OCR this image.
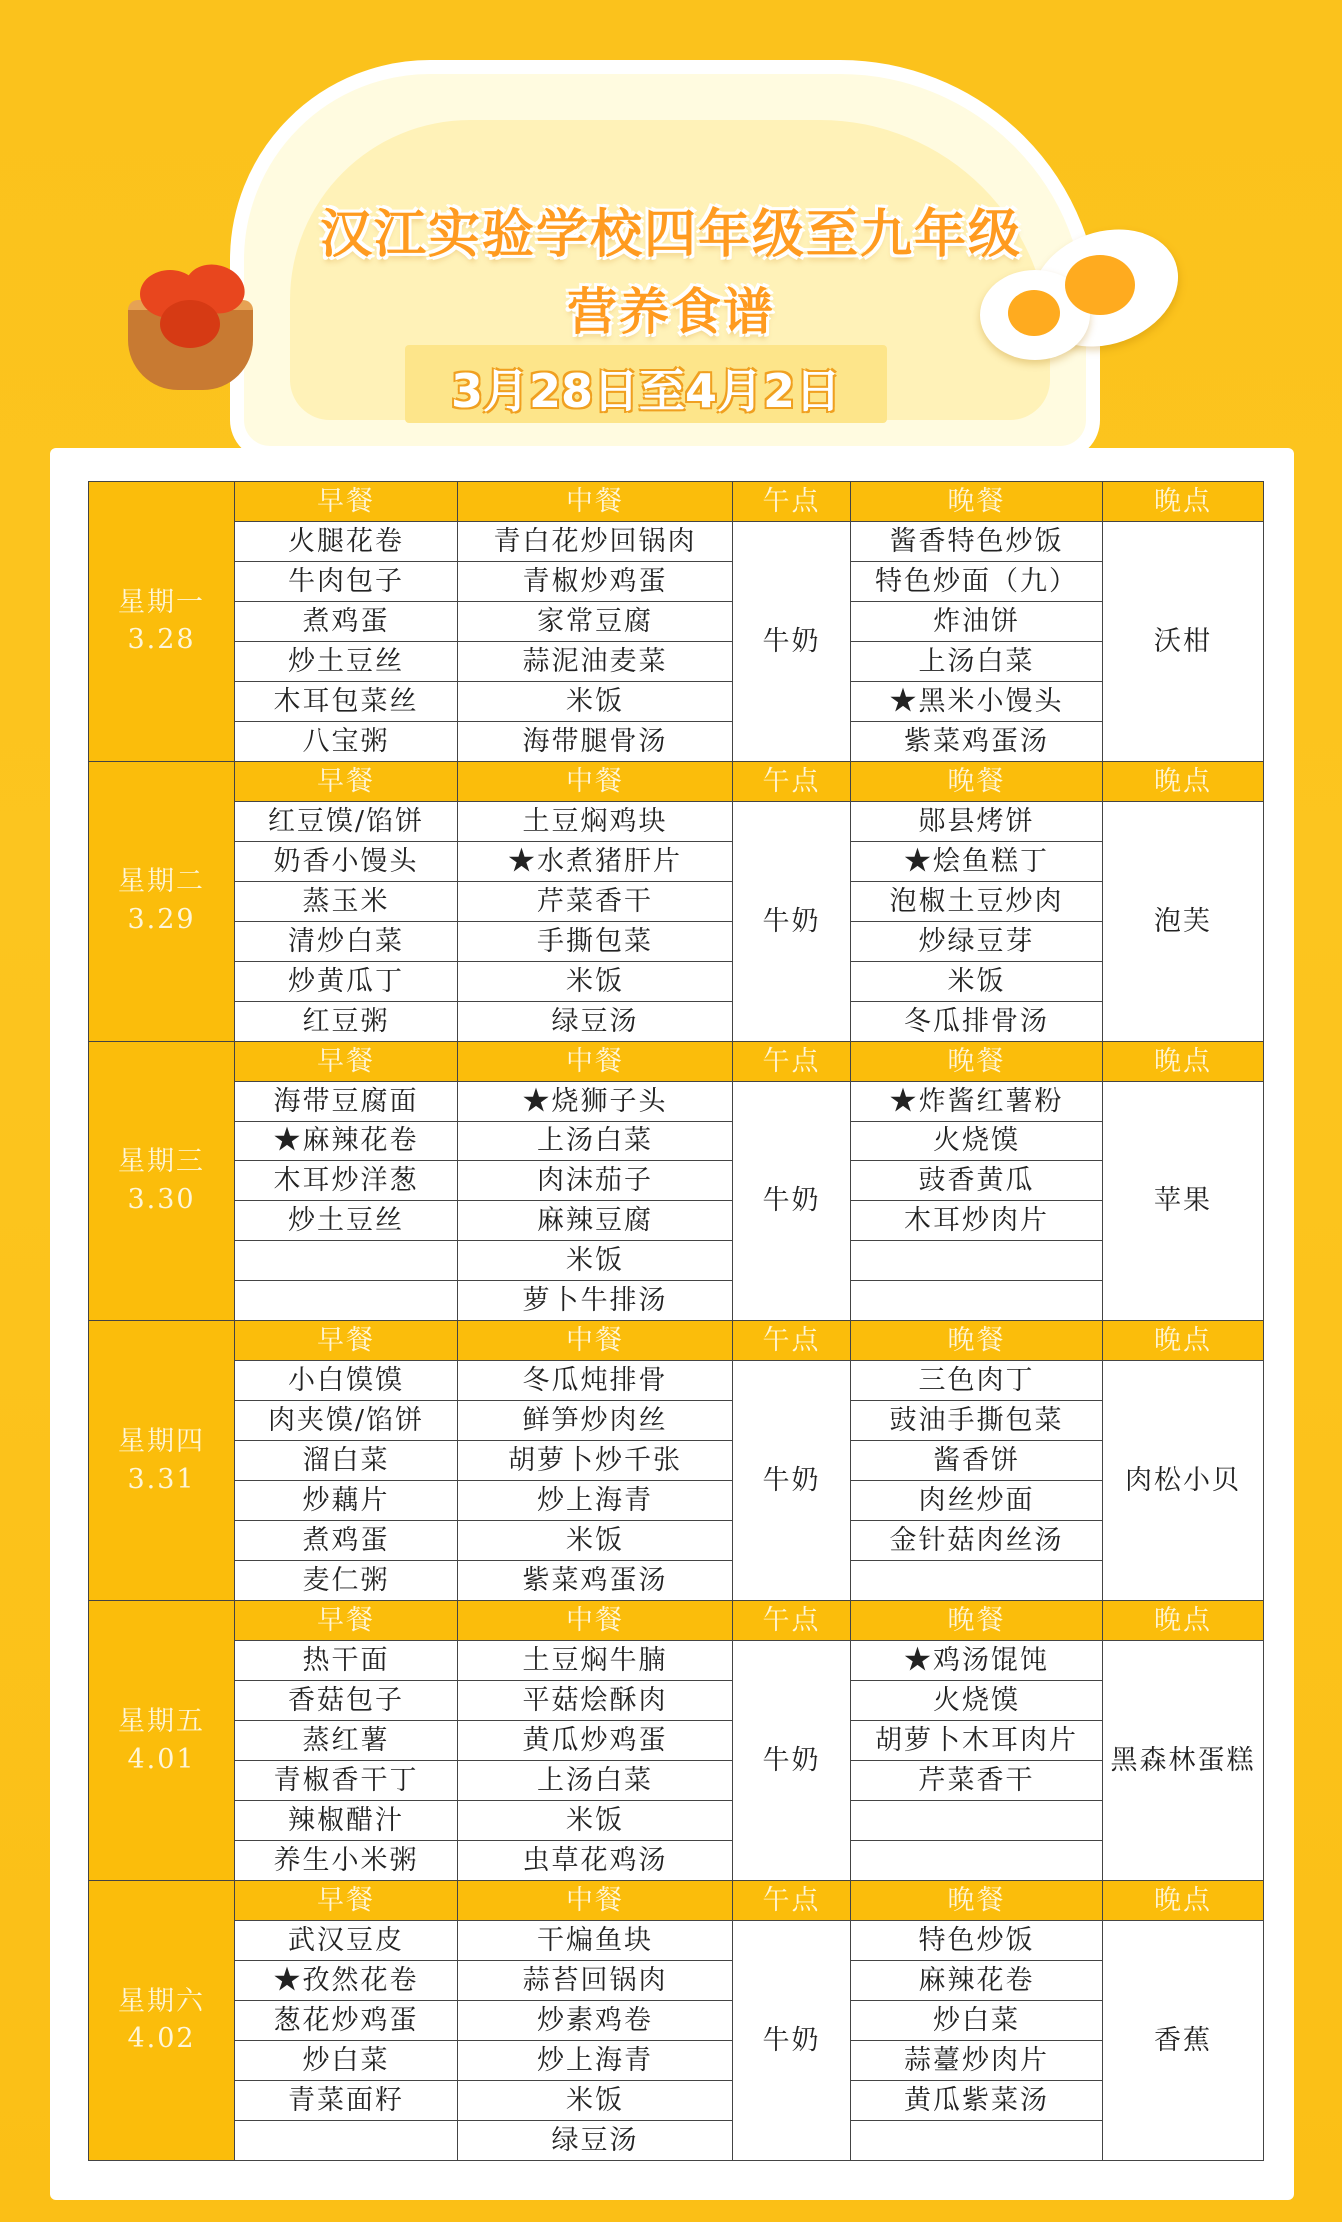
汉江实验学校四年级至九年级
营养食谱
3月28日至4月2日
星期一
3.28	早餐	中餐	午点	晚餐	晚点
	火腿花卷	青白花炒回锅肉	牛奶	酱香特色炒饭	沃柑
	牛肉包子	青椒炒鸡蛋		特色炒面（九）	
	煮鸡蛋	家常豆腐		炸油饼	
	炒土豆丝	蒜泥油麦菜		上汤白菜	
	木耳包菜丝	米饭		★黑米小馒头	
	八宝粥	海带腿骨汤		紫菜鸡蛋汤	

星期二
3.29	早餐	中餐	午点	晚餐	晚点
	红豆馍/馅饼	土豆焖鸡块	牛奶	郧县烤饼	泡芙
	奶香小馒头	★水煮猪肝片		★烩鱼糕丁	
	蒸玉米	芹菜香干		泡椒土豆炒肉	
	清炒白菜	手撕包菜		炒绿豆芽	
	炒黄瓜丁	米饭		米饭	
	红豆粥	绿豆汤		冬瓜排骨汤	

星期三
3.30	早餐	中餐	午点	晚餐	晚点
	海带豆腐面	★烧狮子头	牛奶	★炸酱红薯粉	苹果
	★麻辣花卷	上汤白菜		火烧馍	
	木耳炒洋葱	肉沫茄子		豉香黄瓜	
	炒土豆丝	麻辣豆腐		木耳炒肉片	
		米饭			
		萝卜牛排汤			

星期四
3.31	早餐	中餐	午点	晚餐	晚点
	小白馍馍	冬瓜炖排骨	牛奶	三色肉丁	肉松小贝
	肉夹馍/馅饼	鲜笋炒肉丝		豉油手撕包菜	
	溜白菜	胡萝卜炒千张		酱香饼	
	炒藕片	炒上海青		肉丝炒面	
	煮鸡蛋	米饭		金针菇肉丝汤	
	麦仁粥	紫菜鸡蛋汤			

星期五
4.01	早餐	中餐	午点	晚餐	晚点
	热干面	土豆焖牛腩	牛奶	★鸡汤馄饨	黑森林蛋糕
	香菇包子	平菇烩酥肉		火烧馍	
	蒸红薯	黄瓜炒鸡蛋		胡萝卜木耳肉片	
	青椒香干丁	上汤白菜		芹菜香干	
	辣椒醋汁	米饭			
	养生小米粥	虫草花鸡汤			

星期六
4.02	早餐	中餐	午点	晚餐	晚点
	武汉豆皮	干煸鱼块	牛奶	特色炒饭	香蕉
	★孜然花卷	蒜苔回锅肉		麻辣花卷	
	葱花炒鸡蛋	炒素鸡卷		炒白菜	
	炒白菜	炒上海青		蒜薹炒肉片	
	青菜面籽	米饭		黄瓜紫菜汤	
		绿豆汤			
